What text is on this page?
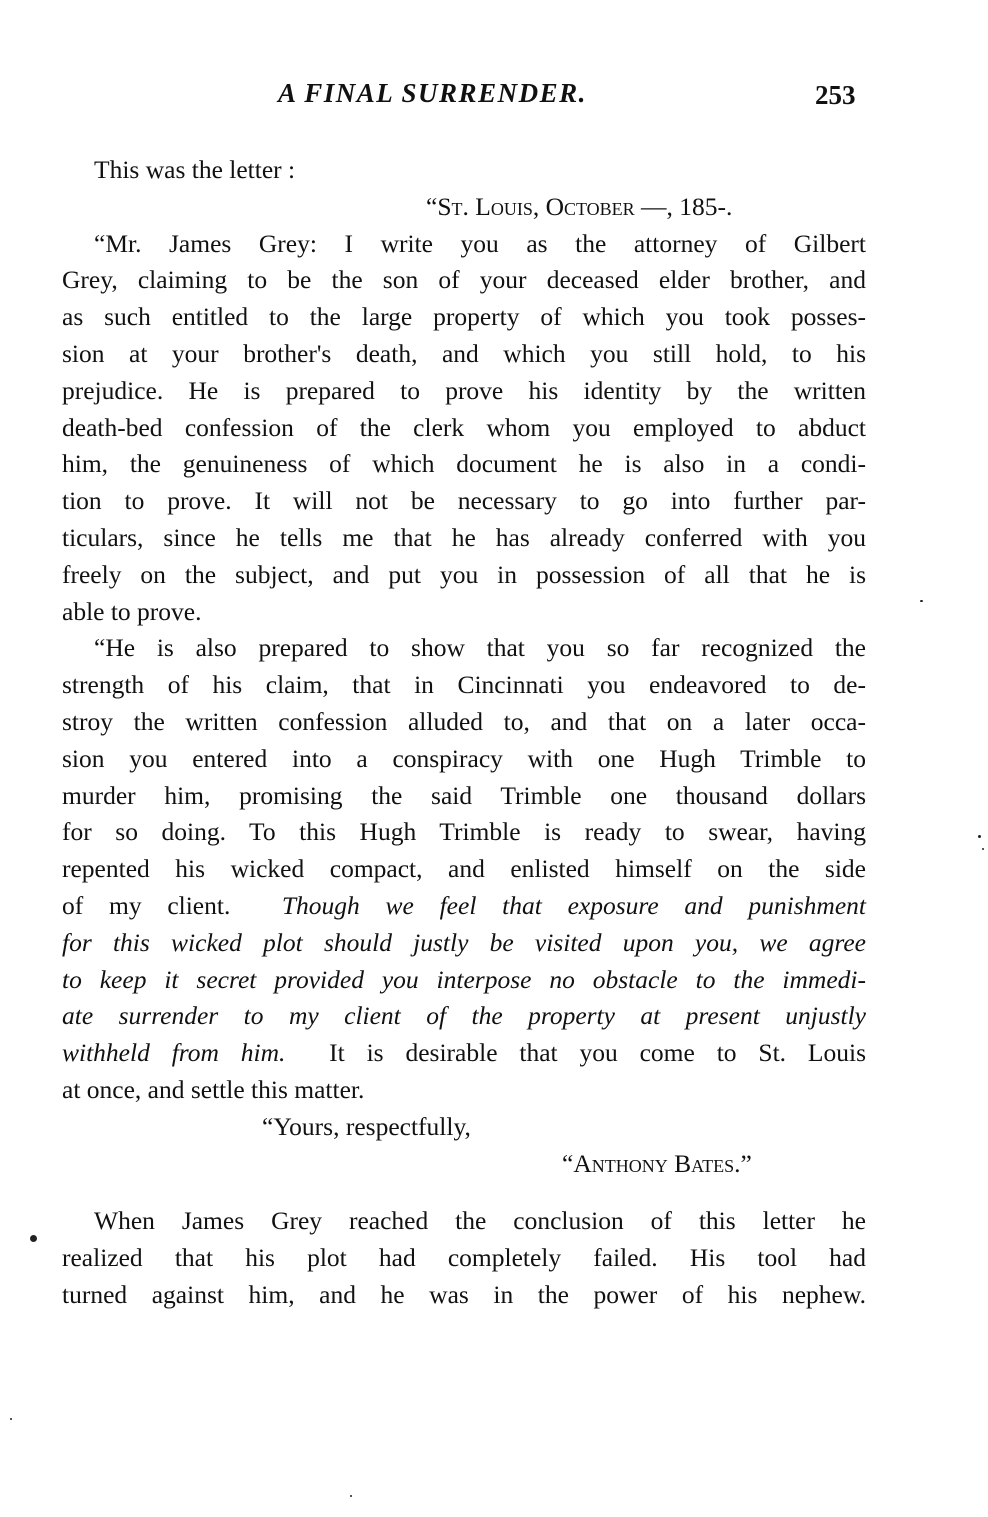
A FINAL SURRENDER.	253
This was the letter :
“St. Louis, October —, 185-.
“Mr. James Grey: I write you as the attorney of Gilbert
Grey, claiming to be the son of your deceased elder brother, and
as such entitled to the large property of which you took posses-
sion at your brother's death, and which you still hold, to his
prejudice. He is prepared to prove his identity by the written
death-bed confession of the clerk whom you employed to abduct
him, the genuineness of which document he is also in a condi-
tion to prove. It will not be necessary to go into further par-
ticulars, since he tells me that he has already conferred with you
freely on the subject, and put you in possession of all that he is
able to prove.
“He is also prepared to show that you so far recognized the
strength of his claim, that in Cincinnati you endeavored to de-
stroy the written confession alluded to, and that on a later occa-
sion you entered into a conspiracy with one Hugh Trimble to
murder him, promising the said Trimble one thousand dollars
for so doing. To this Hugh Trimble is ready to swear, having
repented his wicked compact, and enlisted himself on the side
of my client. Though we feel that exposure and punishment
for this wicked plot should justly be visited upon you, we agree
to keep it secret provided you interpose no obstacle to the immedi-
ate surrender to my client of the property at present unjustly
withheld from him. It is desirable that you come to St. Louis
at once, and settle this matter.
“Yours, respectfully,
“Anthony Bates.”
When James Grey reached the conclusion of this letter he
realized that his plot had completely failed. His tool had
turned against him, and he was in the power of his nephew.
